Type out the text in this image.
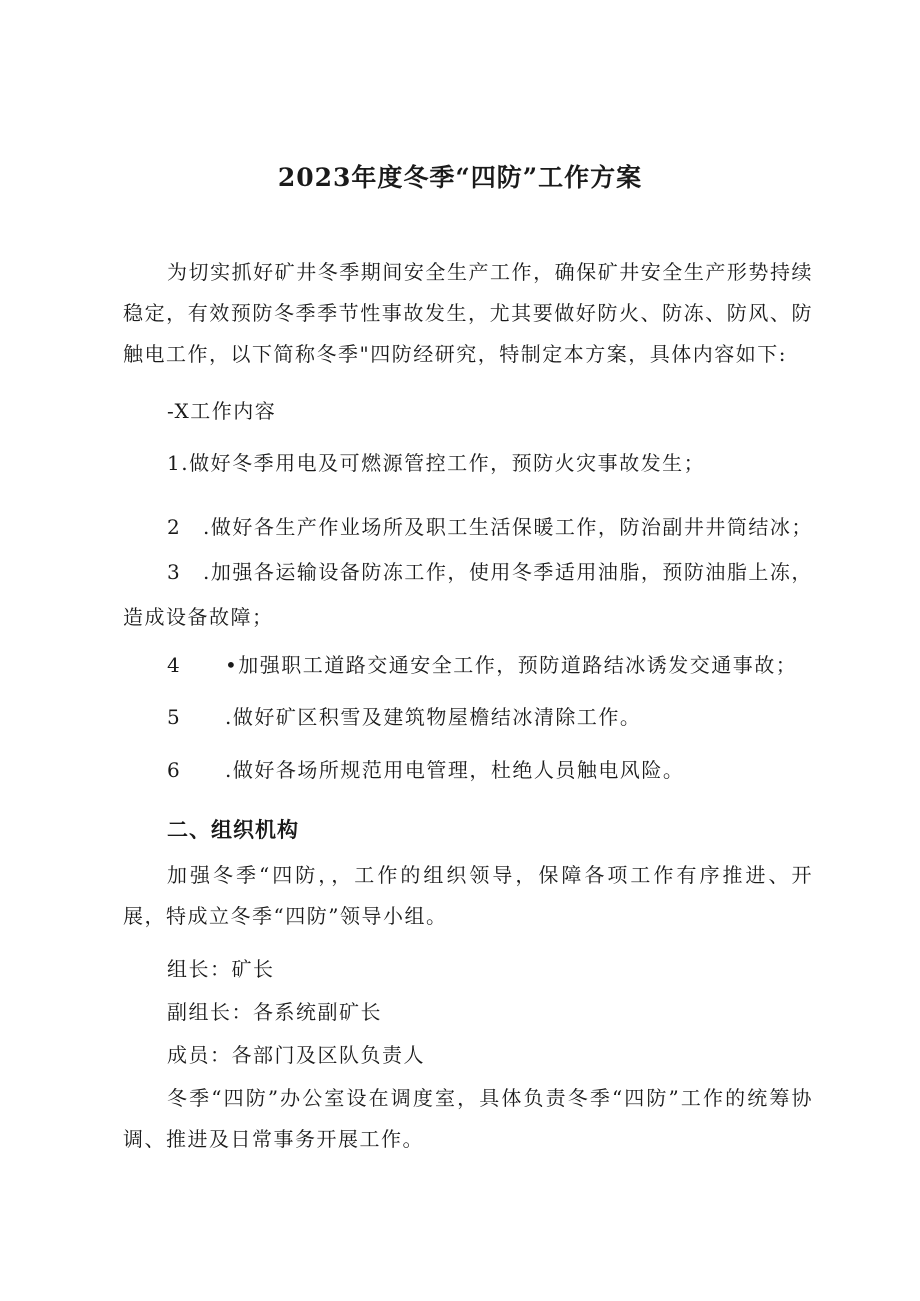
2023年度冬季“四防”工作方案
为切实抓好矿井冬季期间安全生产工作，确保矿井安全生产形势持续稳定，有效预防冬季季节性事故发生，尤其要做好防火、防冻、防风、防触电工作，以下简称冬季"四防经研究，特制定本方案，具体内容如下:
-X工作内容
1.做好冬季用电及可燃源管控工作，预防火灾事故发生；
2 .做好各生产作业场所及职工生活保暖工作，防治副井井筒结冰；
3 .加强各运输设备防冻工作，使用冬季适用油脂，预防油脂上冻，
造成设备故障；
4 •加强职工道路交通安全工作，预防道路结冰诱发交通事故；
5 .做好矿区积雪及建筑物屋檐结冰清除工作。
6 .做好各场所规范用电管理，杜绝人员触电风险。
二、组织机构
加强冬季“四防，，工作的组织领导，保障各项工作有序推进、开展，特成立冬季“四防”领导小组。
组长：矿长
副组长：各系统副矿长
成员：各部门及区队负责人
冬季“四防”办公室设在调度室，具体负责冬季“四防”工作的统筹协调、推进及日常事务开展工作。
